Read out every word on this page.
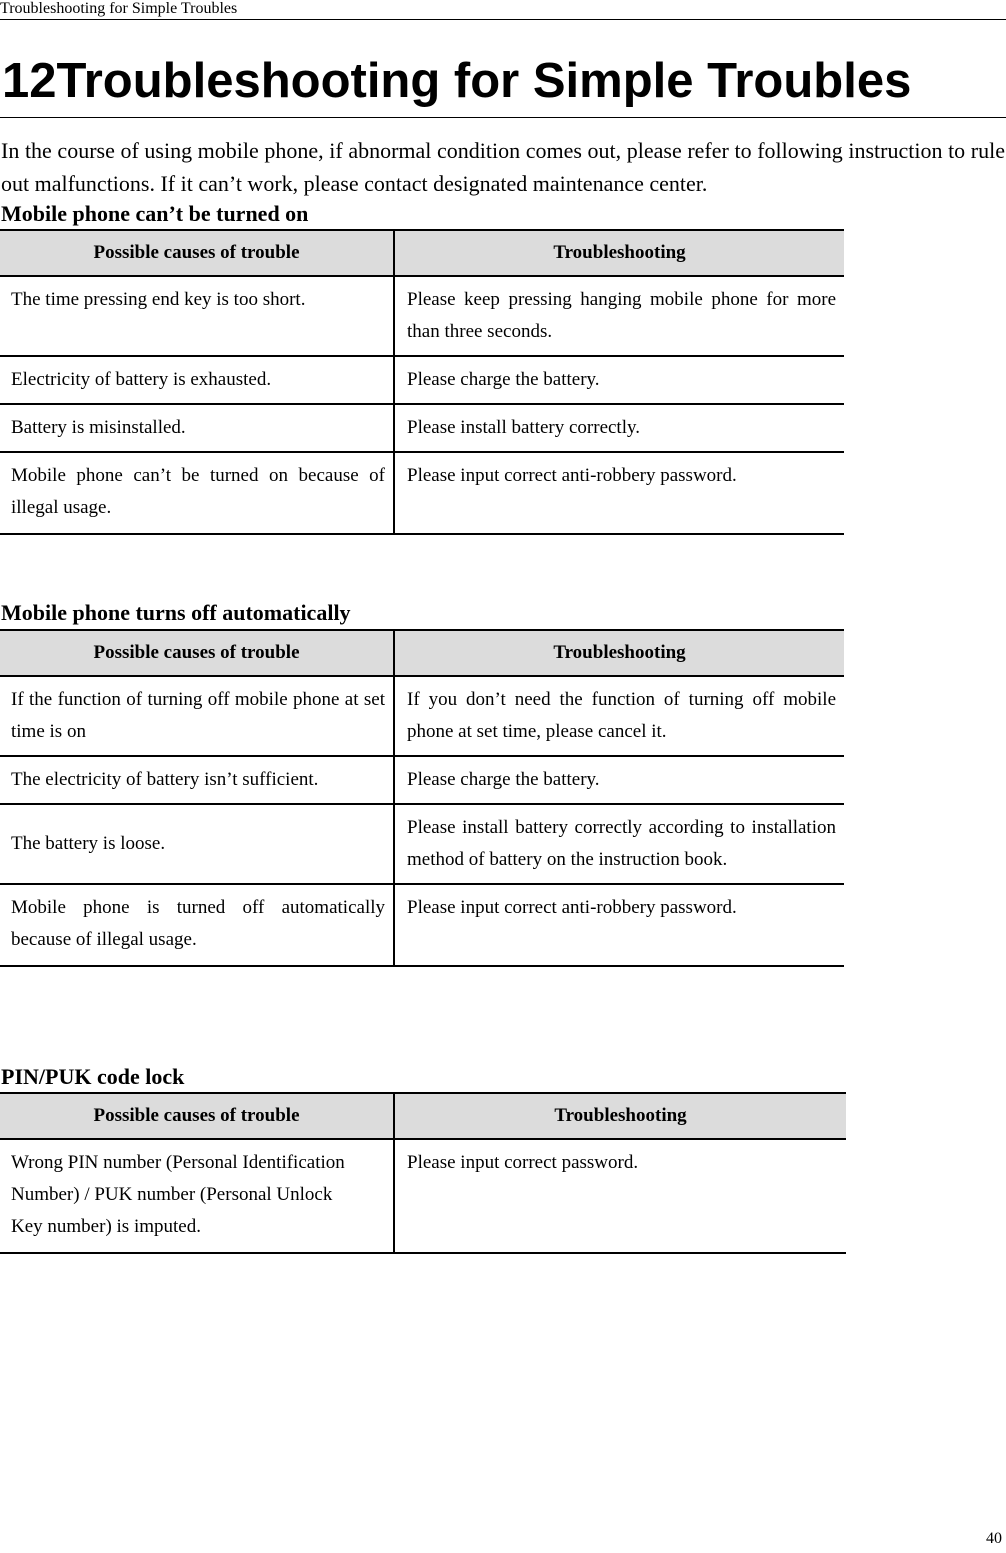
Troubleshooting for Simple Troubles
12Troubleshooting for Simple Troubles

In the course of using mobile phone, if abnormal condition comes out, please refer to following instruction to rule out malfunctions. If it can’t work, please contact designated maintenance center.

Mobile phone can’t be turned on
Possible causes of trouble	Troubleshooting
The time pressing end key is too short.	Please keep pressing hanging mobile phone for more than three seconds.
Electricity of battery is exhausted.	Please charge the battery.
Battery is misinstalled.	Please install battery correctly.
Mobile phone can’t be turned on because of illegal usage.	Please input correct anti-robbery password.
Mobile phone turns off automatically
Possible causes of trouble	Troubleshooting
If the function of turning off mobile phone at set time is on	If you don’t need the function of turning off mobile phone at set time, please cancel it.
The electricity of battery isn’t sufficient.	Please charge the battery.
The battery is loose.	Please install battery correctly according to installation method of battery on the instruction book.
Mobile phone is turned off automatically because of illegal usage.	Please input correct anti-robbery password.
PIN/PUK code lock
Possible causes of trouble	Troubleshooting
Wrong PIN number (Personal Identification Number) / PUK number (Personal Unlock Key number) is imputed.	Please input correct password.
40
